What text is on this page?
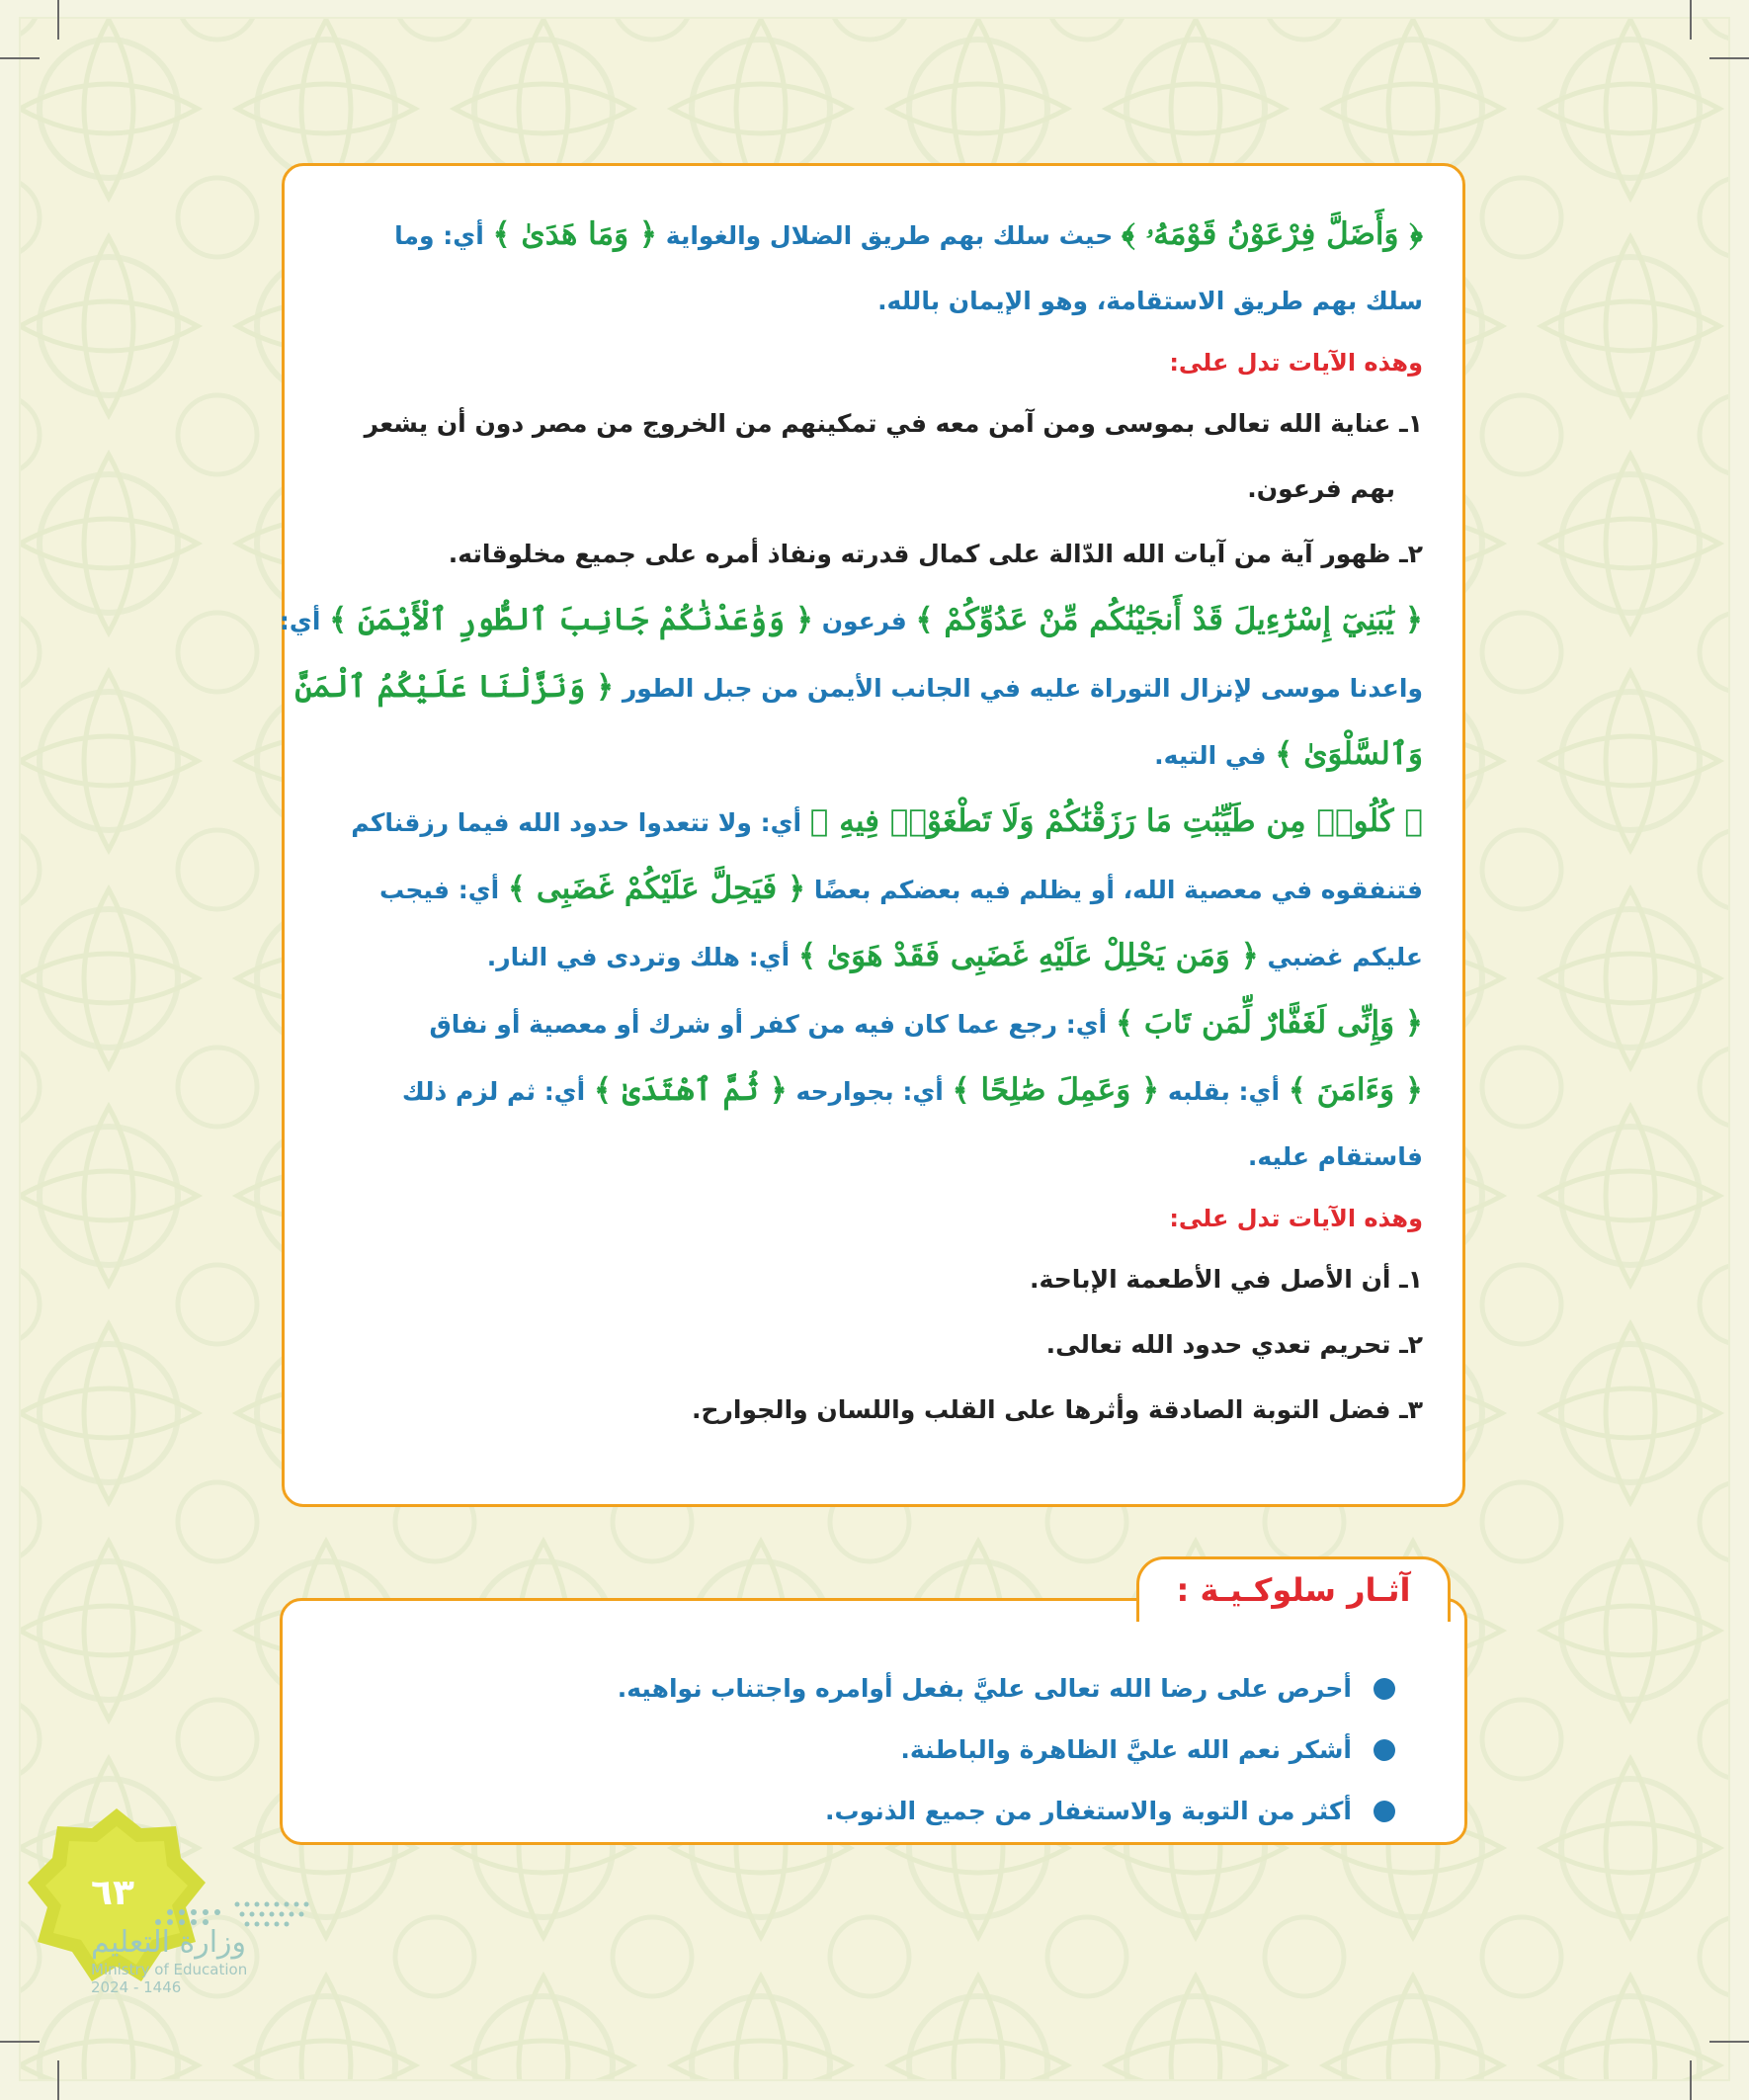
﴿ وَأَضَلَّ فِرْعَوْنُ قَوْمَهُۥ ﴾ حيث سلك بهم طريق الضلال والغواية ﴿ وَمَا هَدَىٰ ﴾ أي: وما

سلك بهم طريق الاستقامة، وهو الإيمان بالله.

وهذه الآيات تدل على:

١ـ عناية الله تعالى بموسى ومن آمن معه في تمكينهم من الخروج من مصر دون أن يشعر

بهم فرعون.

٢ـ ظهور آية من آيات الله الدّالة على كمال قدرته ونفاذ أمره على جميع مخلوقاته.

﴿ يَٰبَنِيٓ إِسْرَٰٓءِيلَ قَدْ أَنجَيْنَٰكُم مِّنْ عَدُوِّكُمْ ﴾ فرعون ﴿ وَوَٰعَدْنَٰكُمْ جَانِبَ ٱلطُّورِ ٱلْأَيْمَنَ ﴾ أي:

واعدنا موسى لإنزال التوراة عليه في الجانب الأيمن من جبل الطور ﴿ وَنَزَّلْنَا عَلَيْكُمُ ٱلْمَنَّ

وَٱلسَّلْوَىٰ ﴾ في التيه.

﴿ كُلُوا۟ مِن طَيِّبَٰتِ مَا رَزَقْنَٰكُمْ وَلَا تَطْغَوْا۟ فِيهِ ﴾ أي: ولا تتعدوا حدود الله فيما رزقناكم

فتنفقوه في معصية الله، أو يظلم فيه بعضكم بعضًا ﴿ فَيَحِلَّ عَلَيْكُمْ غَضَبِى ﴾ أي: فيجب

عليكم غضبي ﴿ وَمَن يَحْلِلْ عَلَيْهِ غَضَبِى فَقَدْ هَوَىٰ ﴾ أي: هلك وتردى في النار.

﴿ وَإِنِّى لَغَفَّارٌ لِّمَن تَابَ ﴾ أي: رجع عما كان فيه من كفر أو شرك أو معصية أو نفاق

﴿ وَءَامَنَ ﴾ أي: بقلبه ﴿ وَعَمِلَ صَٰلِحًا ﴾ أي: بجوارحه ﴿ ثُمَّ ٱهْتَدَىٰ ﴾ أي: ثم لزم ذلك

فاستقام عليه.

وهذه الآيات تدل على:

١ـ أن الأصل في الأطعمة الإباحة.

٢ـ تحريم تعدي حدود الله تعالى.

٣ـ فضل التوبة الصادقة وأثرها على القلب واللسان والجوارح.

آثـار سلوكـيـة :
أحرص على رضا الله تعالى عليَّ بفعل أوامره واجتناب نواهيه.
أشكر نعم الله عليَّ الظاهرة والباطنة.
أكثر من التوبة والاستغفار من جميع الذنوب.
٦٣
وزارة التعليم
Ministry of Education
2024 - 1446
